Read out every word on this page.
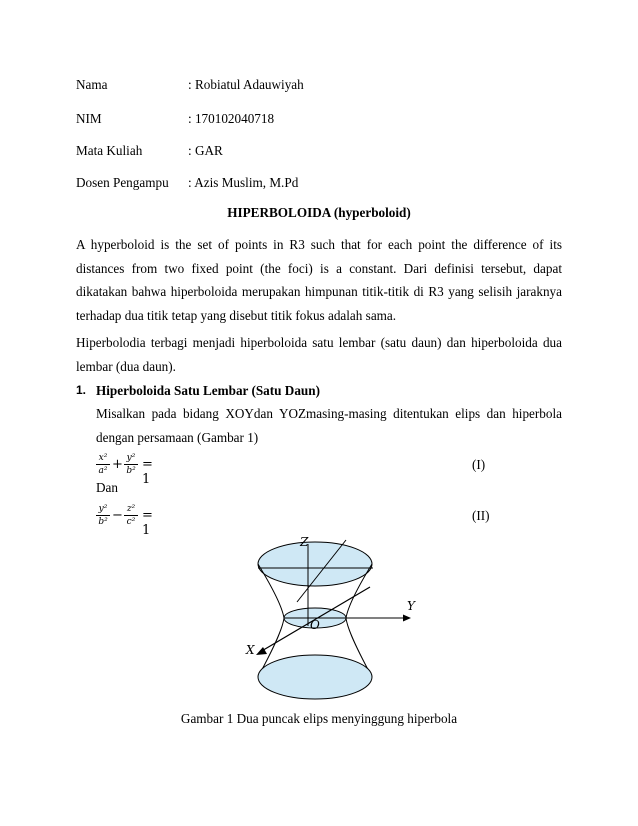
Nama	: Robiatul Adauwiyah
NIM	: 170102040718
Mata Kuliah	: GAR
Dosen Pengampu : Azis Muslim, M.Pd
HIPERBOLOIDA (hyperboloid)
A hyperboloid is the set of points in R3 such that for each point the difference of its distances from two fixed point (the foci) is a constant. Dari definisi tersebut, dapat dikatakan bahwa hiperboloida merupakan himpunan titik-titik di R3 yang selisih jaraknya terhadap dua titik tetap yang disebut titik fokus adalah sama.
Hiperbolodia terbagi menjadi hiperboloida satu lembar (satu daun) dan hiperboloida dua lembar (dua daun).
1. Hiperboloida Satu Lembar (Satu Daun)
Misalkan pada bidang XOYdan YOZmasing-masing ditentukan elips dan hiperbola dengan persamaan (Gambar 1)
$\frac{\text{x²}}{\text{a²}} + \frac{\text{y²}}{\text{b²}} = 1$
(I)
Dan
$\frac{\text{y²}}{\text{b²}} - \frac{\text{z²}}{\text{c²}} = 1$
(II)
Z
Y
X
O
Gambar 1 Dua puncak elips menyinggung hiperbola
